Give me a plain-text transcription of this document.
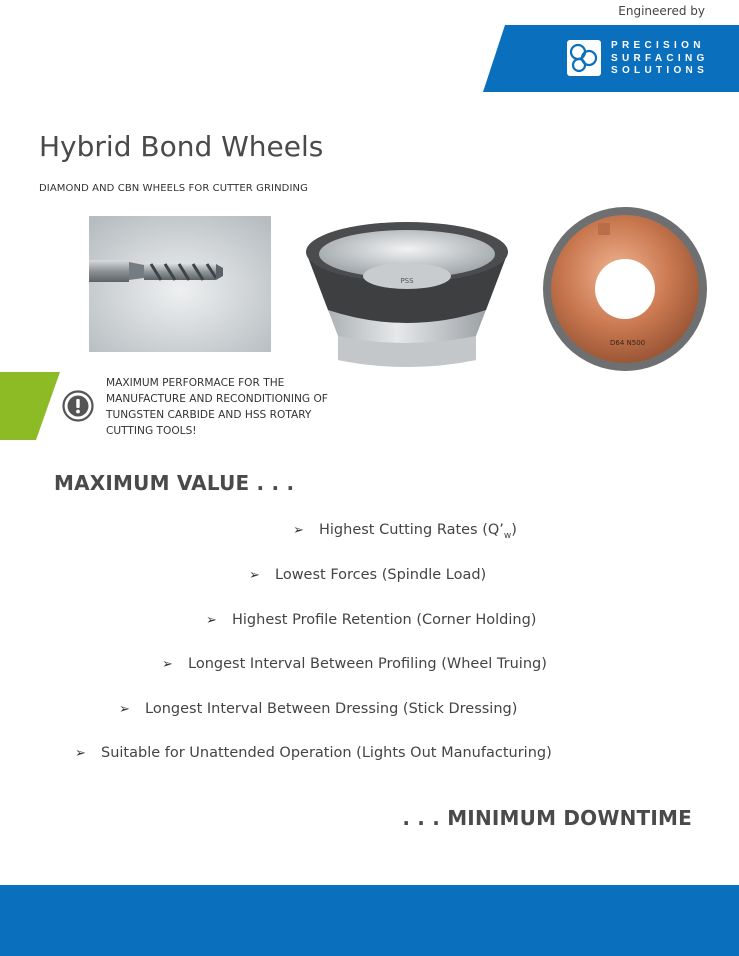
Engineered by
PRECISION
SURFACING
SOLUTIONS
Hybrid Bond Wheels
DIAMOND AND CBN WHEELS FOR CUTTER GRINDING
PSS
D64 N500
MAXIMUM PERFORMACE FOR THE MANUFACTURE AND RECONDITIONING OF TUNGSTEN CARBIDE AND HSS ROTARY CUTTING TOOLS!
MAXIMUM VALUE . . .
➢ Highest Cutting Rates $(Q’_w)$
➢ Lowest Forces (Spindle Load)
➢ Highest Profile Retention (Corner Holding)
➢ Longest Interval Between Profiling (Wheel Truing)
➢ Longest Interval Between Dressing (Stick Dressing)
➢ Suitable for Unattended Operation (Lights Out Manufacturing)
. . . MINIMUM DOWNTIME
